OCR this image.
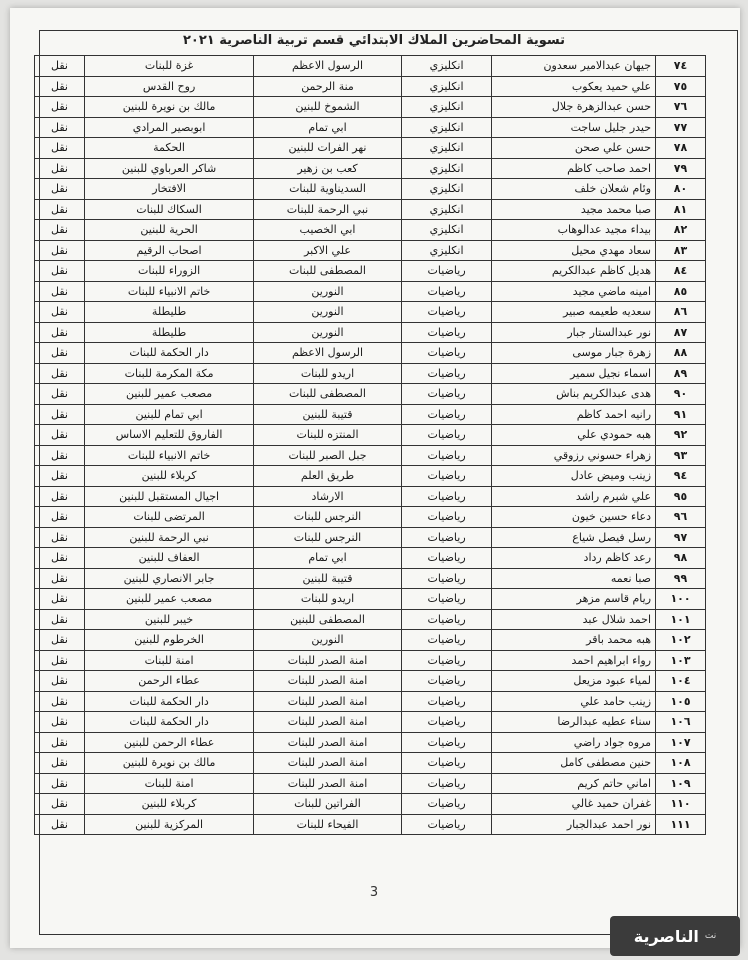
تسوية المحاضرين الملاك الابتدائي قسم تربية الناصرية ٢٠٢١
٧٤	جيهان عبدالامير سعدون	انكليزي	الرسول الاعظم	غزة للبنات	نقل
٧٥	علي حميد يعكوب	انكليزي	منة الرحمن	روح القدس	نقل
٧٦	حسن عبدالزهرة جلال	انكليزي	الشموخ للبنين	مالك بن نويرة للبنين	نقل
٧٧	حيدر جليل ساجت	انكليزي	ابي تمام	ابوبصير المرادي	نقل
٧٨	حسن علي صحن	انكليزي	نهر الفرات للبنين	الحكمة	نقل
٧٩	احمد صاحب كاظم	انكليزي	كعب بن زهير	شاكر العرباوي للبنين	نقل
٨٠	وئام شعلان خلف	انكليزي	السديناوية للبنات	الافتخار	نقل
٨١	صبا محمد مجيد	انكليزي	نبي الرحمة للبنات	السكاك للبنات	نقل
٨٢	بيداء مجيد عدالوهاب	انكليزي	ابي الخصيب	الحرية للبنين	نقل
٨٣	سعاد مهدي محيل	انكليزي	علي الاكبر	اصحاب الرقيم	نقل
٨٤	هديل كاظم عبدالكريم	رياضيات	المصطفى للبنات	الزوراء للبنات	نقل
٨٥	امينه ماضي مجيد	رياضيات	النورين	خاتم الانبياء للبنات	نقل
٨٦	سعديه طعيمه صبير	رياضيات	النورين	طليطلة	نقل
٨٧	نور عبدالستار جبار	رياضيات	النورين	طليطلة	نقل
٨٨	زهرة جبار موسى	رياضيات	الرسول الاعظم	دار الحكمة للبنات	نقل
٨٩	اسماء نجيل سمير	رياضيات	اريدو للبنات	مكة المكرمة للبنات	نقل
٩٠	هدى عبدالكريم بناش	رياضيات	المصطفى للبنات	مصعب عمير للبنين	نقل
٩١	رانيه احمد كاظم	رياضيات	قتيبة للبنين	ابي تمام للبنين	نقل
٩٢	هبه حمودي علي	رياضيات	المنتزه للبنات	الفاروق للتعليم الاساس	نقل
٩٣	زهراء حسوني رزوقي	رياضيات	جبل الصبر للبنات	خاتم الانبياء للبنات	نقل
٩٤	زينب وميض عادل	رياضيات	طريق العلم	كربلاء للبنين	نقل
٩٥	علي شبرم راشد	رياضيات	الارشاد	اجيال المستقبل للبنين	نقل
٩٦	دعاء حسين خيون	رياضيات	النرجس للبنات	المرتضى للبنات	نقل
٩٧	رسل فيصل شياع	رياضيات	النرجس للبنات	نبي الرحمة للبنين	نقل
٩٨	رعد كاظم رداد	رياضيات	ابي تمام	العفاف للبنين	نقل
٩٩	صبا نعمه	رياضيات	قتيبة للبنين	جابر الانصاري للبنين	نقل
١٠٠	ريام قاسم مزهر	رياضيات	اريدو للبنات	مصعب عمير للبنين	نقل
١٠١	احمد شلال عبد	رياضيات	المصطفى للبنين	خيبر للبنين	نقل
١٠٢	هبه محمد باقر	رياضيات	النورين	الخرطوم للبنين	نقل
١٠٣	رواء ابراهيم احمد	رياضيات	امنة الصدر للبنات	امنة للبنات	نقل
١٠٤	لمياء عبود مزيعل	رياضيات	امنة الصدر للبنات	عطاء الرحمن	نقل
١٠٥	زينب حامد علي	رياضيات	امنة الصدر للبنات	دار الحكمة للبنات	نقل
١٠٦	سناء عطيه عبدالرضا	رياضيات	امنة الصدر للبنات	دار الحكمة للبنات	نقل
١٠٧	مروه جواد راضي	رياضيات	امنة الصدر للبنات	عطاء الرحمن للبنين	نقل
١٠٨	حنين مصطفى كامل	رياضيات	امنة الصدر للبنات	مالك بن نويرة للبنين	نقل
١٠٩	اماني حاتم كريم	رياضيات	امنة الصدر للبنات	امنة للبنات	نقل
١١٠	غفران حميد غالي	رياضيات	الفراتين للبنات	كربلاء للبنين	نقل
١١١	نور احمد عبدالجبار	رياضيات	الفيحاء للبنات	المركزية للبنين	نقل
3
الناصرية نت
